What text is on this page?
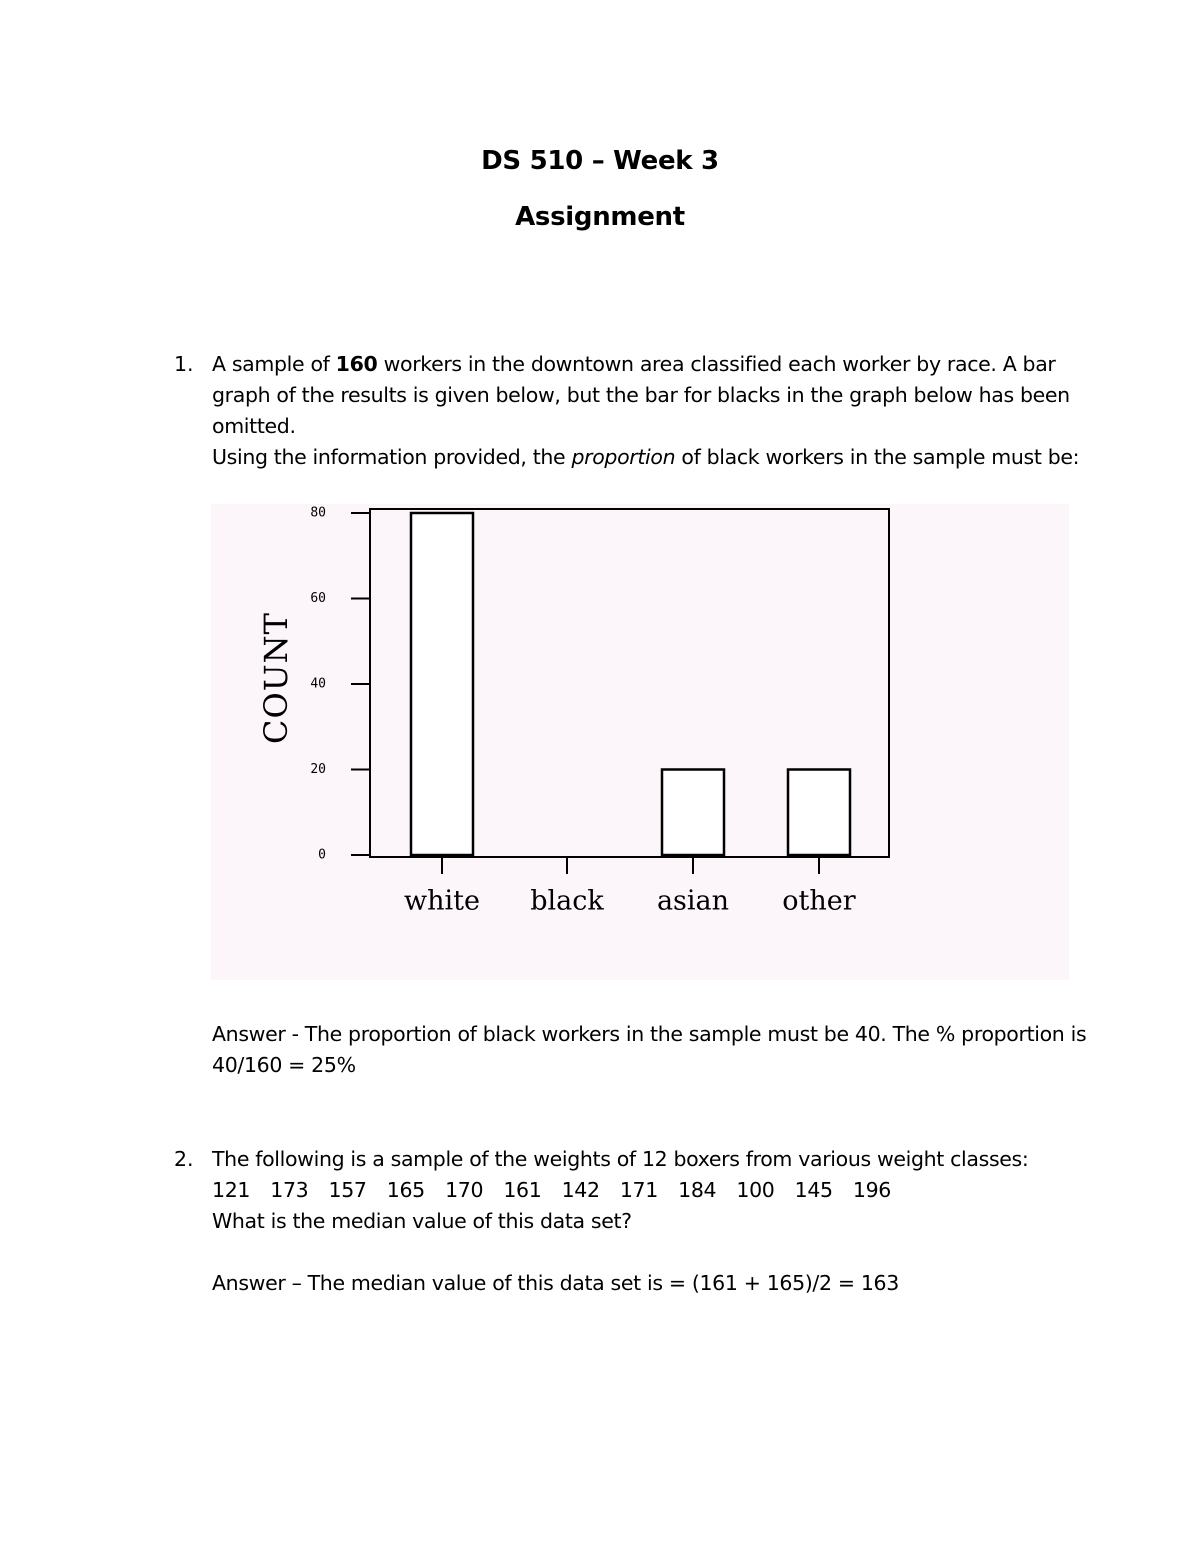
DS 510 – Week 3
Assignment
1. A sample of 160 workers in the downtown area classified each worker by race. A bar
graph of the results is given below, but the bar for blacks in the graph below has been
omitted.
Using the information provided, the proportion of black workers in the sample must be:
0
20
40
60
80
COUNT
white black asian other
Answer - The proportion of black workers in the sample must be 40. The % proportion is
40/160 = 25%
2. The following is a sample of the weights of 12 boxers from various weight classes:
121 173 157 165 170 161 142 171 184 100 145 196
What is the median value of this data set?
Answer – The median value of this data set is = (161 + 165)/2 = 163
